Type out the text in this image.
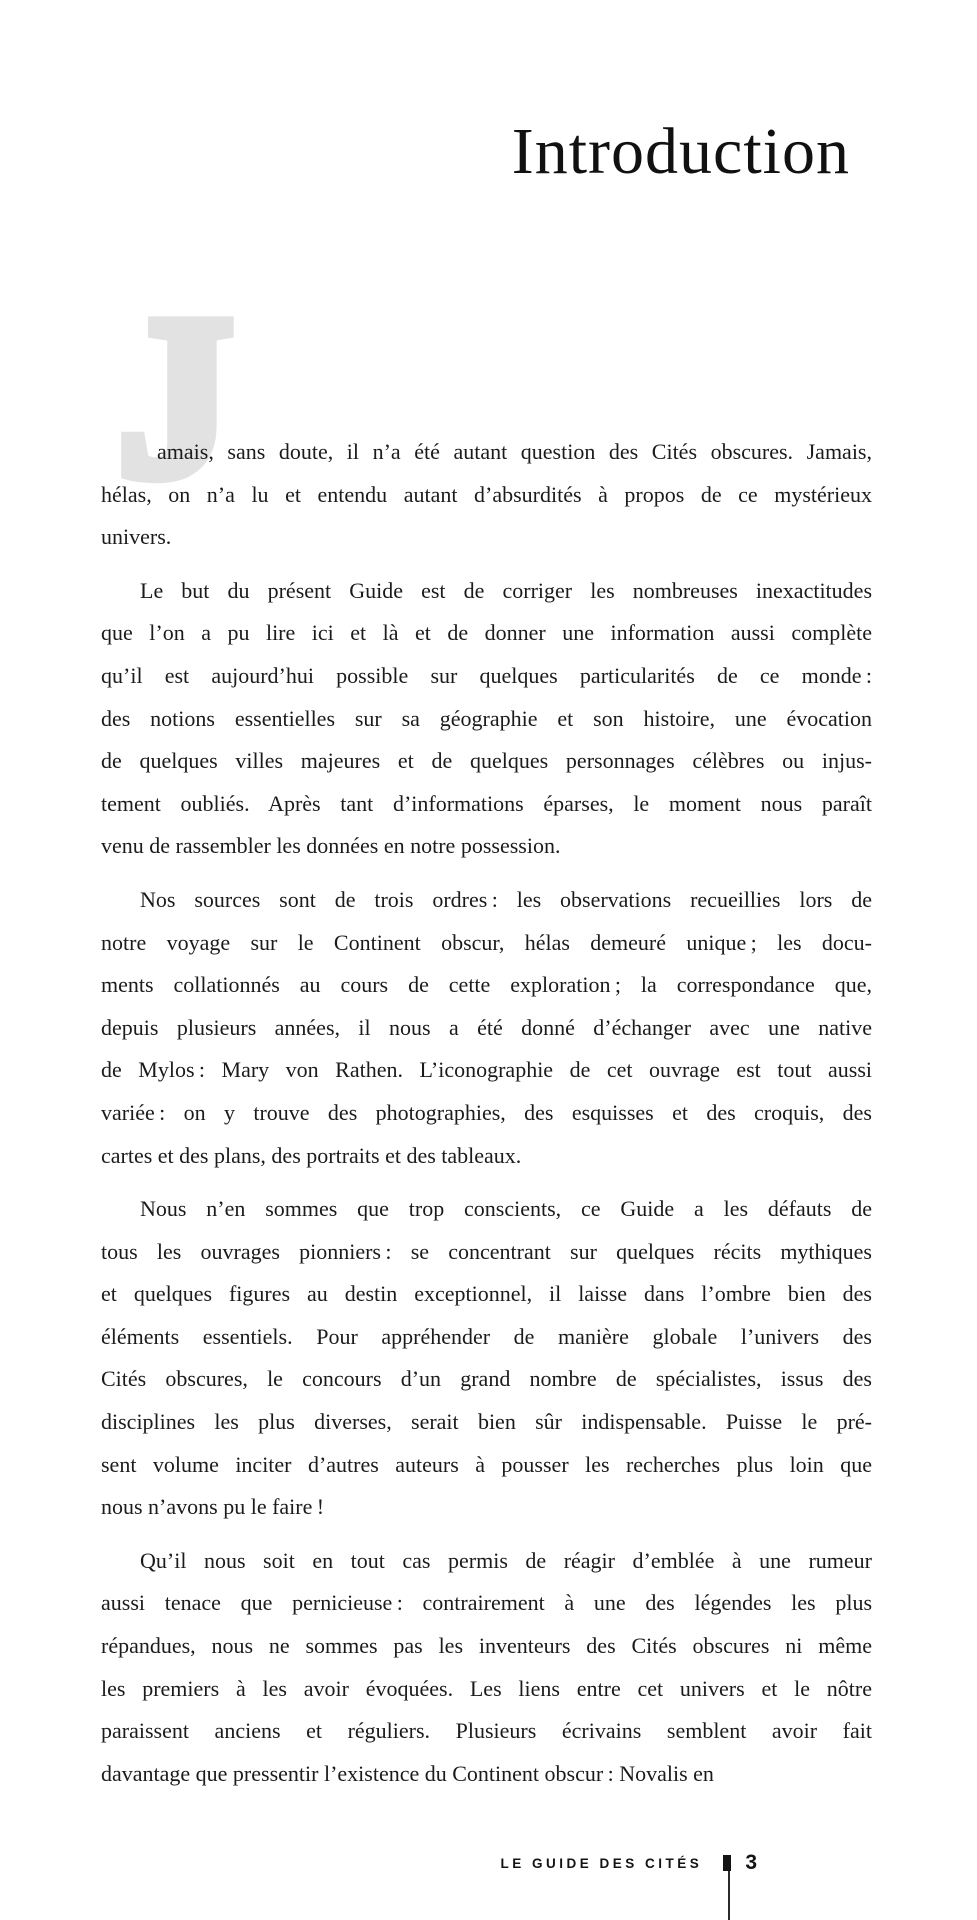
Introduction
J
amais, sans doute, il n’a été autant question des Cités obscures. Jamais,
hélas, on n’a lu et entendu autant d’absurdités à propos de ce mystérieux
univers.
Le but du présent Guide est de corriger les nombreuses inexactitudes
que l’on a pu lire ici et là et de donner une information aussi complète
qu’il est aujourd’hui possible sur quelques particularités de ce monde :
des notions essentielles sur sa géographie et son histoire, une évocation
de quelques villes majeures et de quelques personnages célèbres ou injus-
tement oubliés. Après tant d’informations éparses, le moment nous paraît
venu de rassembler les données en notre possession.
Nos sources sont de trois ordres : les observations recueillies lors de
notre voyage sur le Continent obscur, hélas demeuré unique ; les docu-
ments collationnés au cours de cette exploration ; la correspondance que,
depuis plusieurs années, il nous a été donné d’échanger avec une native
de Mylos : Mary von Rathen. L’iconographie de cet ouvrage est tout aussi
variée : on y trouve des photographies, des esquisses et des croquis, des
cartes et des plans, des portraits et des tableaux.
Nous n’en sommes que trop conscients, ce Guide a les défauts de
tous les ouvrages pionniers : se concentrant sur quelques récits mythiques
et quelques figures au destin exceptionnel, il laisse dans l’ombre bien des
éléments essentiels. Pour appréhender de manière globale l’univers des
Cités obscures, le concours d’un grand nombre de spécialistes, issus des
disciplines les plus diverses, serait bien sûr indispensable. Puisse le pré-
sent volume inciter d’autres auteurs à pousser les recherches plus loin que
nous n’avons pu le faire !
Qu’il nous soit en tout cas permis de réagir d’emblée à une rumeur
aussi tenace que pernicieuse : contrairement à une des légendes les plus
répandues, nous ne sommes pas les inventeurs des Cités obscures ni même
les premiers à les avoir évoquées. Les liens entre cet univers et le nôtre
paraissent anciens et réguliers. Plusieurs écrivains semblent avoir fait
davantage que pressentir l’existence du Continent obscur : Novalis en
LE GUIDE DES CITÉS 3
